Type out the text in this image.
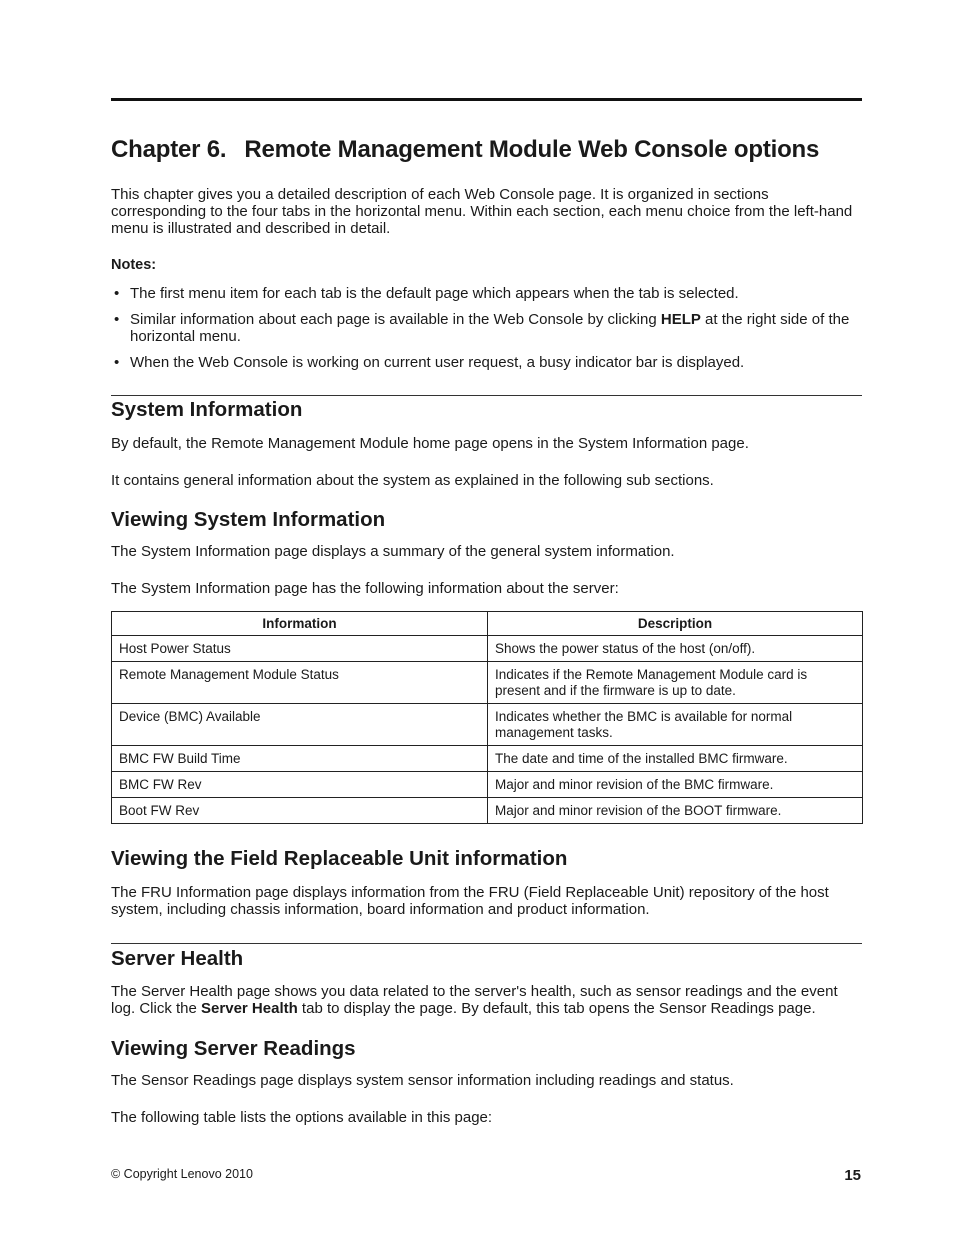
Chapter 6. Remote Management Module Web Console options

This chapter gives you a detailed description of each Web Console page. It is organized in sections corresponding to the four tabs in the horizontal menu. Within each section, each menu choice from the left-hand menu is illustrated and described in detail.

Notes:

• The first menu item for each tab is the default page which appears when the tab is selected.
• Similar information about each page is available in the Web Console by clicking HELP at the right side of the horizontal menu.
• When the Web Console is working on current user request, a busy indicator bar is displayed.
System Information

By default, the Remote Management Module home page opens in the System Information page.

It contains general information about the system as explained in the following sub sections.

Viewing System Information

The System Information page displays a summary of the general system information.

The System Information page has the following information about the server:

Information	Description
Host Power Status	Shows the power status of the host (on/off).
Remote Management Module Status	Indicates if the Remote Management Module card is present and if the firmware is up to date.
Device (BMC) Available	Indicates whether the BMC is available for normal management tasks.
BMC FW Build Time	The date and time of the installed BMC firmware.
BMC FW Rev	Major and minor revision of the BMC firmware.
Boot FW Rev	Major and minor revision of the BOOT firmware.
Viewing the Field Replaceable Unit information

The FRU Information page displays information from the FRU (Field Replaceable Unit) repository of the host system, including chassis information, board information and product information.

Server Health

The Server Health page shows you data related to the server's health, such as sensor readings and the event log. Click the Server Health tab to display the page. By default, this tab opens the Sensor Readings page.

Viewing Server Readings

The Sensor Readings page displays system sensor information including readings and status.

The following table lists the options available in this page:

© Copyright Lenovo 2010	15
